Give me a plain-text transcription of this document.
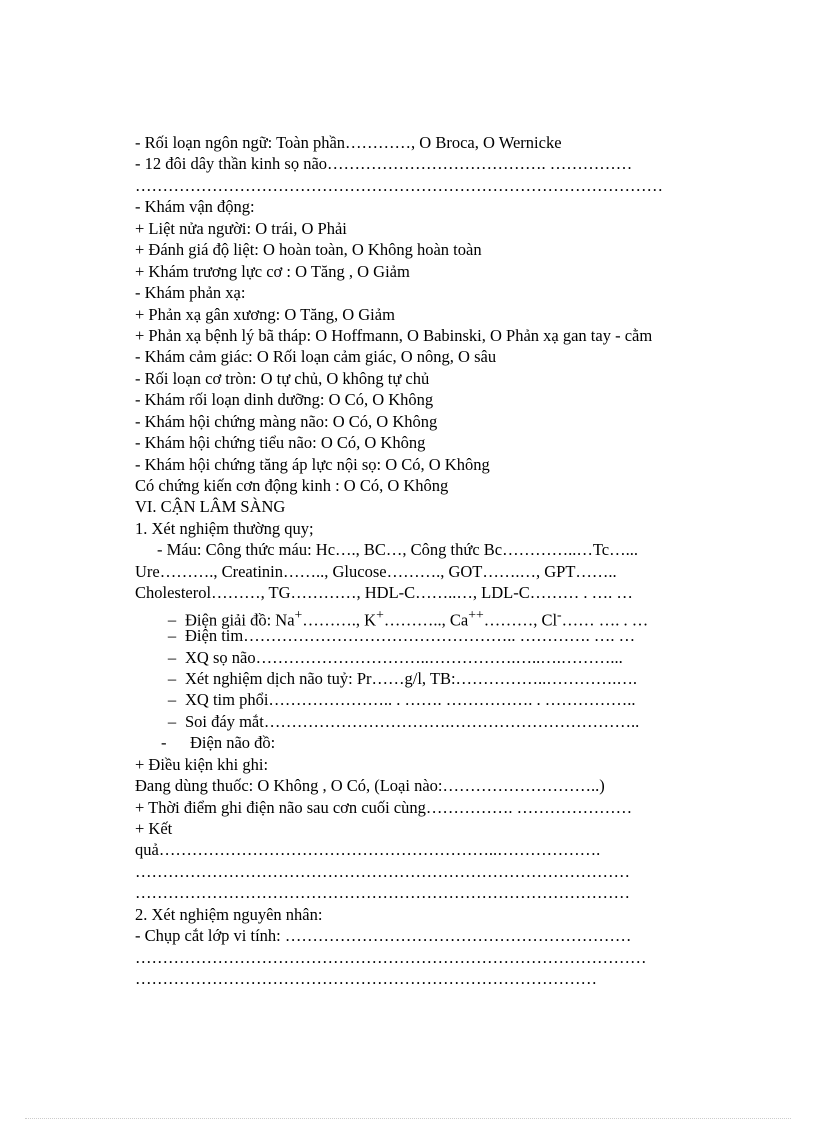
- Rối loạn ngôn ngữ: Toàn phần…………, O Broca, O Wernicke
- 12 đôi dây thần kinh sọ não…………………………………. ……………
……………………………………………………………………………………
- Khám vận động:
+ Liệt nửa người: O trái, O Phải
+ Đánh giá độ liệt: O hoàn toàn, O Không hoàn toàn
+ Khám trương lực cơ : O Tăng , O Giảm
- Khám phản xạ:
+ Phản xạ gân xương: O Tăng, O Giảm
+ Phản xạ bệnh lý bã tháp: O Hoffmann, O Babinski, O Phản xạ gan tay - cằm
- Khám cảm giác: O Rối loạn cảm giác, O nông, O sâu
- Rối loạn cơ tròn: O tự chủ, O không tự chủ
- Khám rối loạn dinh dưỡng: O Có, O Không
- Khám hội chứng màng não: O Có, O Không
- Khám hội chứng tiểu não: O Có, O Không
- Khám hội chứng tăng áp lực nội sọ: O Có, O Không
Có chứng kiến cơn động kinh : O Có, O Không
VI. CẬN LÂM SÀNG
1. Xét nghiệm thường quy;
- Máu: Công thức máu: Hc…., BC…, Công thức Bc…………..…Tc…...
Ure………., Creatinin…….., Glucose………., GOT…….…, GPT……..
Cholesterol………, TG…………, HDL-C……..…, LDL-C……… . …. …
– Điện giải đồ: Na+………., K+……….., Ca++………, Cl-…… …. . …
– Điện tim………………………………………….. …………. …. …
– XQ sọ não…………………………..…………….…..….………...
– Xét nghiệm dịch não tuỷ: Pr……g/l, TB:……………..………….….
– XQ tim phổi………………….. . ……. ……………. . ……………..
– Soi đáy mắt…………………………….……………………………..
- Điện não đồ:
+ Điều kiện khi ghi:
Đang dùng thuốc: O Không , O Có, (Loại nào:………………………..)
+ Thời điểm ghi điện não sau cơn cuối cùng……………. …………………
+ Kết
quả……………………………………………………..……………….
………………………………………………………………………………
………………………………………………………………………………
2. Xét nghiệm nguyên nhân:
- Chụp cắt lớp vi tính: ………………………………………………………
…………………………………………………………………………………
…………………………………………………………………………
